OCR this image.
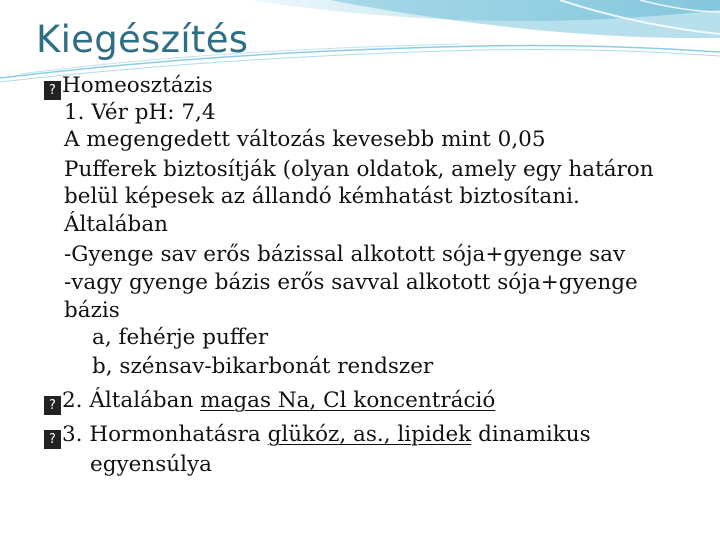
Kiegészítés
? Homeosztázis
1. Vér pH: 7,4
A megengedett változás kevesebb mint 0,05
Pufferek biztosítják (olyan oldatok, amely egy határon
belül képesek az állandó kémhatást biztosítani.
Általában
-Gyenge sav erős bázissal alkotott sója+gyenge sav
-vagy gyenge bázis erős savval alkotott sója+gyenge
bázis
a, fehérje puffer
b, szénsav-bikarbonát rendszer
? 2. Általában magas Na, Cl koncentráció
? 3. Hormonhatásra glükóz, as., lipidek dinamikus
egyensúlya
